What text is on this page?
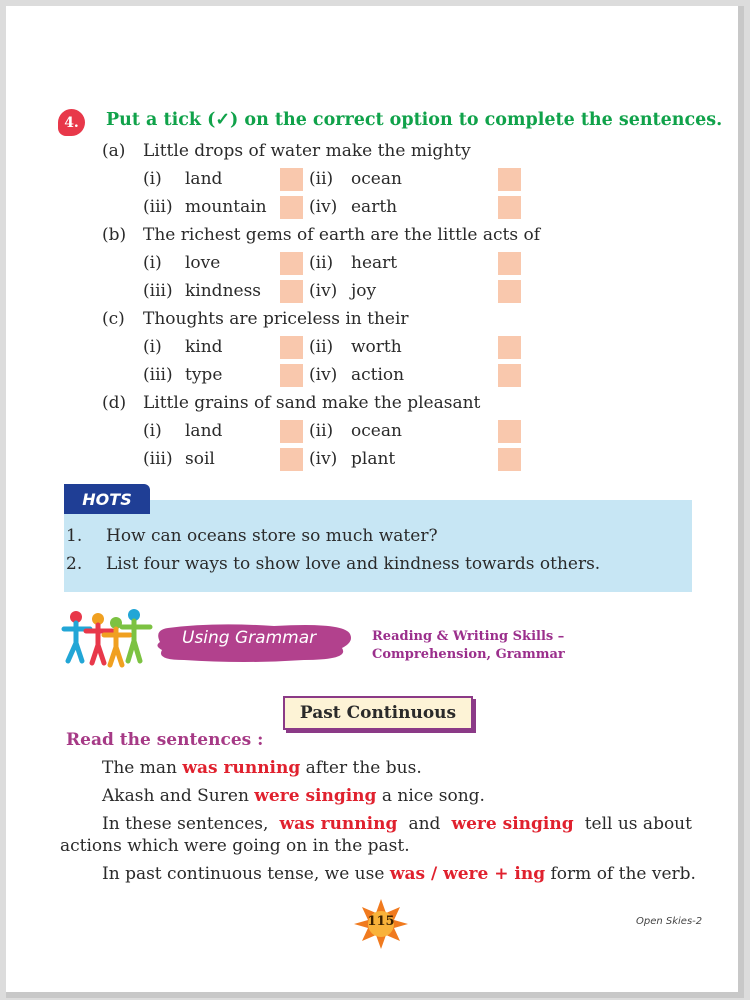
4.	Put a tick (✓) on the correct option to complete the sentences.
(a) Little drops of water make the mighty
(i) land	(ii) ocean
(iii) mountain (iv) earth
(b) The richest gems of earth are the little acts of
(i) love	(ii) heart
(iii) kindness	(iv) joy
(c) Thoughts are priceless in their
(i) kind	(ii) worth
(iii) type	(iv) action
(d) Little grains of sand make the pleasant
(i) land	(ii) ocean
(iii) soil	(iv) plant
HOTS
1. How can oceans store so much water?
2. List four ways to show love and kindness towards others.
Using Grammar	Reading & Writing Skills –
Comprehension, Grammar
Past Continuous
Read the sentences :
The man was running after the bus.
Akash and Suren were singing a nice song.
In these sentences, was running and were singing tell us about
actions which were going on in the past.
In past continuous tense, we use was / were + ing form of the verb.
115	Open Skies-2
